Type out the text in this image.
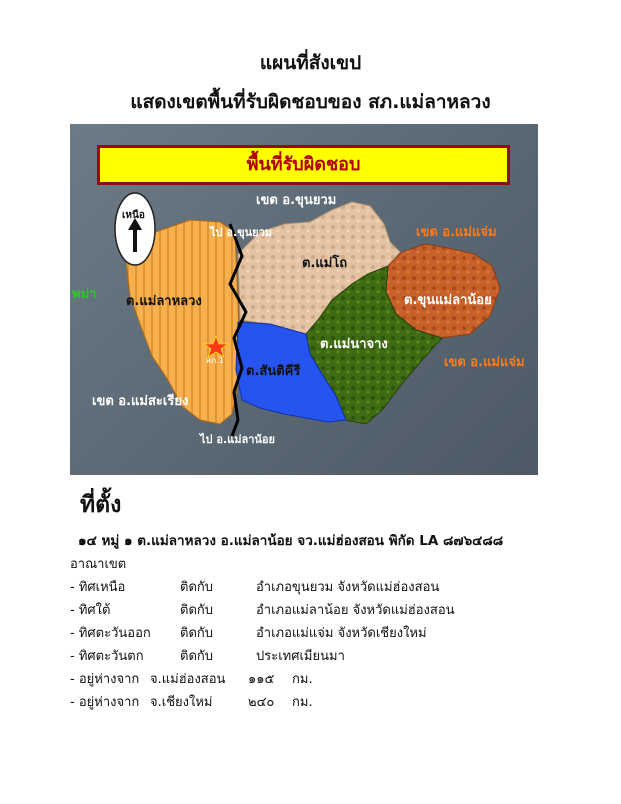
แผนที่สังเขป
แสดงเขตพื้นที่รับผิดชอบของ สภ.แม่ลาหลวง
พื้นที่รับผิดชอบ
เหนือ
เขต อ.ขุนยวม
ไป อ.ขุนยวม	เขต อ.แม่แจ่ม
พม่า ต.แม่ลาหลวง
ต.แม่โถ
ต.ขุนแม่ลาน้อย
ต.แม่นาจาง
เขต อ.แม่แจ่ม
ต.สันติคีรี
เขต อ.แม่สะเรียง
ไป อ.แม่ลาน้อย
สภ.1
ที่ตั้ง
๑๔ หมู่ ๑ ต.แม่ลาหลวง อ.แม่ลาน้อย จว.แม่ฮ่องสอน พิกัด LA ๘๗๖๔๘๘
อาณาเขต
- ทิศเหนือ	ติดกับ	อำเภอขุนยวม จังหวัดแม่ฮ่องสอน
- ทิศใต้	ติดกับ	อำเภอแม่ลาน้อย จังหวัดแม่ฮ่องสอน
- ทิศตะวันออก ติดกับ	อำเภอแม่แจ่ม จังหวัดเชียงใหม่
- ทิศตะวันตก	ติดกับ	ประเทศเมียนมา
- อยู่ห่างจาก จ.แม่ฮ่องสอน ๑๑๕ กม.
- อยู่ห่างจาก จ.เชียงใหม่	๒๔๐ กม.
